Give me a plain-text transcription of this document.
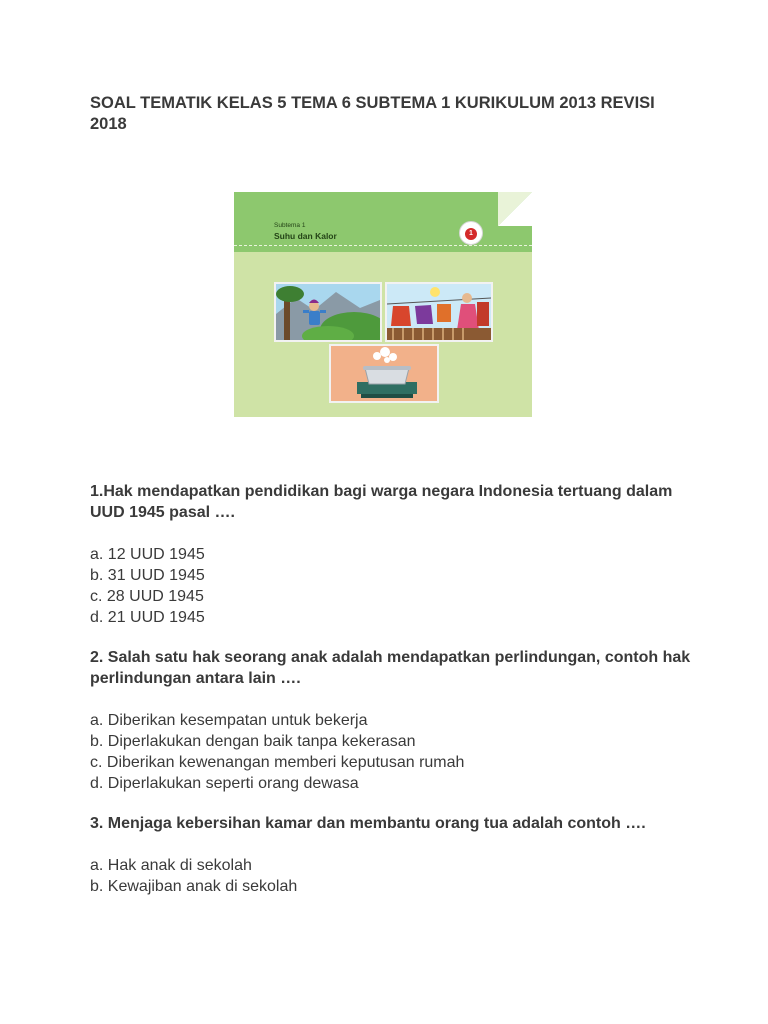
SOAL TEMATIK KELAS 5 TEMA 6 SUBTEMA 1 KURIKULUM 2013 REVISI 2018
Subtema 1
Suhu dan Kalor	1

1.Hak mendapatkan pendidikan bagi warga negara Indonesia tertuang dalam UUD 1945 pasal ….

a. 12 UUD 1945
b. 31 UUD 1945
c. 28 UUD 1945
d. 21 UUD 1945

2. Salah satu hak seorang anak adalah mendapatkan perlindungan, contoh hak perlindungan antara lain ….

a. Diberikan kesempatan untuk bekerja
b. Diperlakukan dengan baik tanpa kekerasan
c. Diberikan kewenangan memberi keputusan rumah
d. Diperlakukan seperti orang dewasa

3. Menjaga kebersihan kamar dan membantu orang tua adalah contoh ….

a. Hak anak di sekolah
b. Kewajiban anak di sekolah
